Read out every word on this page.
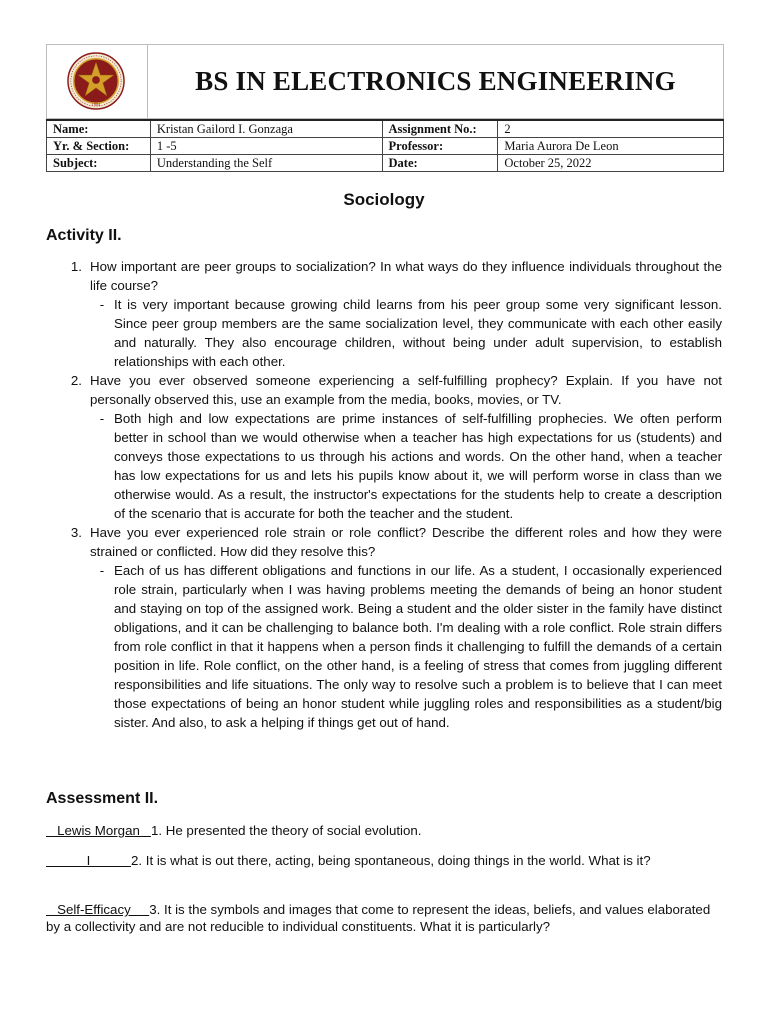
1904
BS IN ELECTRONICS ENGINEERING
Name:	Kristan Gailord I. Gonzaga	Assignment No.:	2
Yr. & Section:	1 -5	Professor:	Maria Aurora De Leon
Subject:	Understanding the Self	Date:	October 25, 2022
Sociology
Activity II.
1. How important are peer groups to socialization? In what ways do they influence individuals throughout the life course?
- It is very important because growing child learns from his peer group some very significant lesson. Since peer group members are the same socialization level, they communicate with each other easily and naturally. They also encourage children, without being under adult supervision, to establish relationships with each other.
2. Have you ever observed someone experiencing a self-fulfilling prophecy? Explain. If you have not personally observed this, use an example from the media, books, movies, or TV.
- Both high and low expectations are prime instances of self-fulfilling prophecies. We often perform better in school than we would otherwise when a teacher has high expectations for us (students) and conveys those expectations to us through his actions and words. On the other hand, when a teacher has low expectations for us and lets his pupils know about it, we will perform worse in class than we otherwise would. As a result, the instructor's expectations for the students help to create a description of the scenario that is accurate for both the teacher and the student.
3. Have you ever experienced role strain or role conflict? Describe the different roles and how they were strained or conflicted. How did they resolve this?
- Each of us has different obligations and functions in our life. As a student, I occasionally experienced role strain, particularly when I was having problems meeting the demands of being an honor student and staying on top of the assigned work. Being a student and the older sister in the family have distinct obligations, and it can be challenging to balance both. I'm dealing with a role conflict. Role strain differs from role conflict in that it happens when a person finds it challenging to fulfill the demands of a certain position in life. Role conflict, on the other hand, is a feeling of stress that comes from juggling different responsibilities and life situations. The only way to resolve such a problem is to believe that I can meet those expectations of being an honor student while juggling roles and responsibilities as a student/big sister. And also, to ask a helping if things get out of hand.
Assessment II.
Lewis Morgan   1. He presented the theory of social evolution.
I           2. It is what is out there, acting, being spontaneous, doing things in the world. What is it?
Self-Efficacy     3. It is the symbols and images that come to represent the ideas, beliefs, and values elaborated by a collectivity and are not reducible to individual constituents. What it is particularly?
